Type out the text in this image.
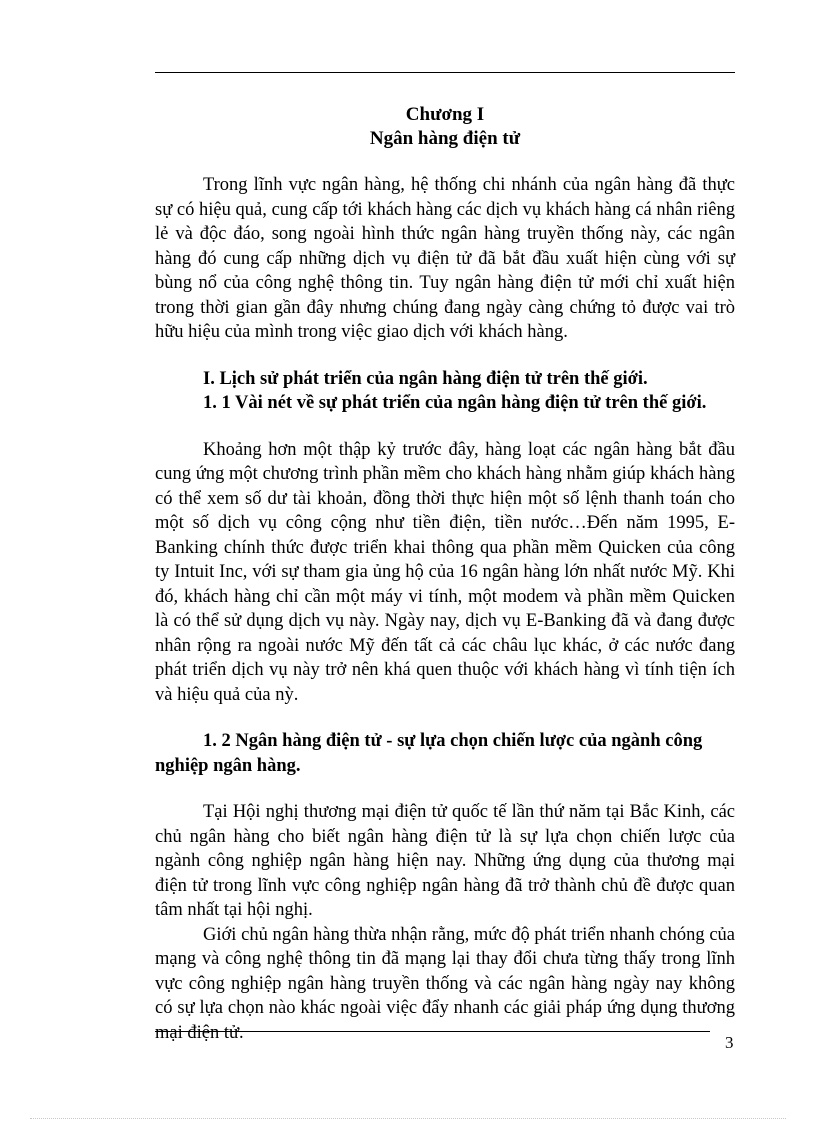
Chương I

Ngân hàng điện tử

Trong lĩnh vực ngân hàng, hệ thống chi nhánh của ngân hàng đã thực sự có hiệu quả, cung cấp tới khách hàng các dịch vụ khách hàng cá nhân riêng lẻ và độc đáo, song ngoài hình thức ngân hàng truyền thống này, các ngân hàng đó cung cấp những dịch vụ điện tử đã bắt đầu xuất hiện cùng với sự bùng nổ của công nghệ thông tin. Tuy ngân hàng điện tử mới chỉ xuất hiện trong thời gian gần đây nhưng chúng đang ngày càng chứng tỏ được vai trò hữu hiệu của mình trong việc giao dịch với khách hàng.

I. Lịch sử phát triển của ngân hàng điện tử trên thế giới.

1. 1 Vài nét về sự phát triển của ngân hàng điện tử trên thế giới.

Khoảng hơn một thập kỷ trước đây, hàng loạt các ngân hàng bắt đầu cung ứng một chương trình phần mềm cho khách hàng nhằm giúp khách hàng có thể xem số dư tài khoản, đồng thời thực hiện một số lệnh thanh toán cho một số dịch vụ công cộng như tiền điện, tiền nước…Đến năm 1995, E-Banking chính thức được triển khai thông qua phần mềm Quicken của công ty Intuit Inc, với sự tham gia ủng hộ của 16 ngân hàng lớn nhất nước Mỹ. Khi đó, khách hàng chỉ cần một máy vi tính, một modem và phần mềm Quicken là có thể sử dụng dịch vụ này. Ngày nay, dịch vụ E-Banking đã và đang được nhân rộng ra ngoài nước Mỹ đến tất cả các châu lục khác, ở các nước đang phát triển dịch vụ này trở nên khá quen thuộc với khách hàng vì tính tiện ích và hiệu quả của nỳ.

1. 2 Ngân hàng điện tử - sự lựa chọn chiến lược của ngành công nghiệp ngân hàng.

Tại Hội nghị thương mại điện tử quốc tế lần thứ năm tại Bắc Kinh, các chủ ngân hàng cho biết ngân hàng điện tử là sự lựa chọn chiến lược của ngành công nghiệp ngân hàng hiện nay. Những ứng dụng của thương mại điện tử trong lĩnh vực công nghiệp ngân hàng đã trở thành chủ đề được quan tâm nhất tại hội nghị.

Giới chủ ngân hàng thừa nhận rằng, mức độ phát triển nhanh chóng của mạng và công nghệ thông tin đã mạng lại thay đổi chưa từng thấy trong lĩnh vực công nghiệp ngân hàng truyền thống và các ngân hàng ngày nay không có sự lựa chọn nào khác ngoài việc đẩy nhanh các giải pháp ứng dụng thương mại điện tử.	3
